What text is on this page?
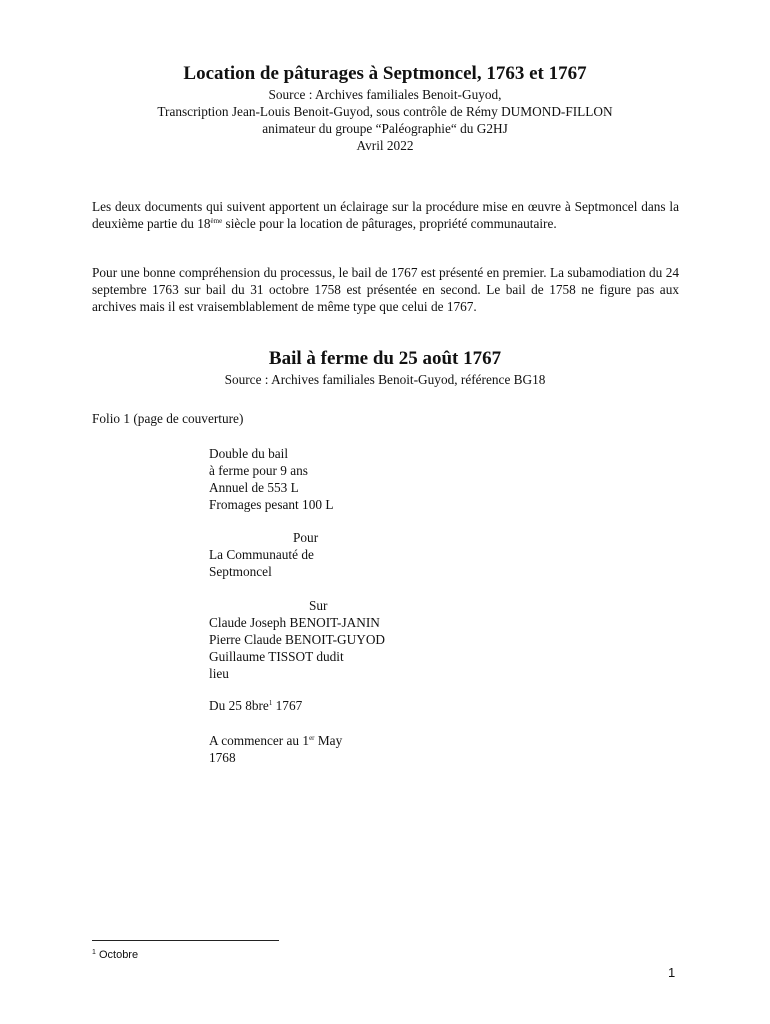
Location de pâturages à Septmoncel, 1763 et 1767
Source : Archives familiales Benoit-Guyod,
Transcription Jean-Louis Benoit-Guyod, sous contrôle de Rémy DUMOND-FILLON
animateur du groupe “Paléographie“ du G2HJ
Avril 2022
Les deux documents qui suivent apportent un éclairage sur la procédure mise en œuvre à Septmoncel dans la deuxième partie du 18ème siècle pour la location de pâturages, propriété communautaire.
Pour une bonne compréhension du processus, le bail de 1767 est présenté en premier. La subamodiation du 24 septembre 1763 sur bail du 31 octobre 1758 est présentée en second. Le bail de 1758 ne figure pas aux archives mais il est vraisemblablement de même type que celui de 1767.
Bail à ferme du 25 août 1767
Source : Archives familiales Benoit-Guyod, référence BG18
Folio 1 (page de couverture)
Double du bail
à ferme pour 9 ans
Annuel de 553 L
Fromages pesant 100 L
Pour
La Communauté de
Septmoncel
Sur
Claude Joseph BENOIT-JANIN
Pierre Claude BENOIT-GUYOD
Guillaume TISSOT dudit
lieu
Du 25 8bre$^1$ 1767
A commencer au 1er May
1768
$^1$ Octobre
1
